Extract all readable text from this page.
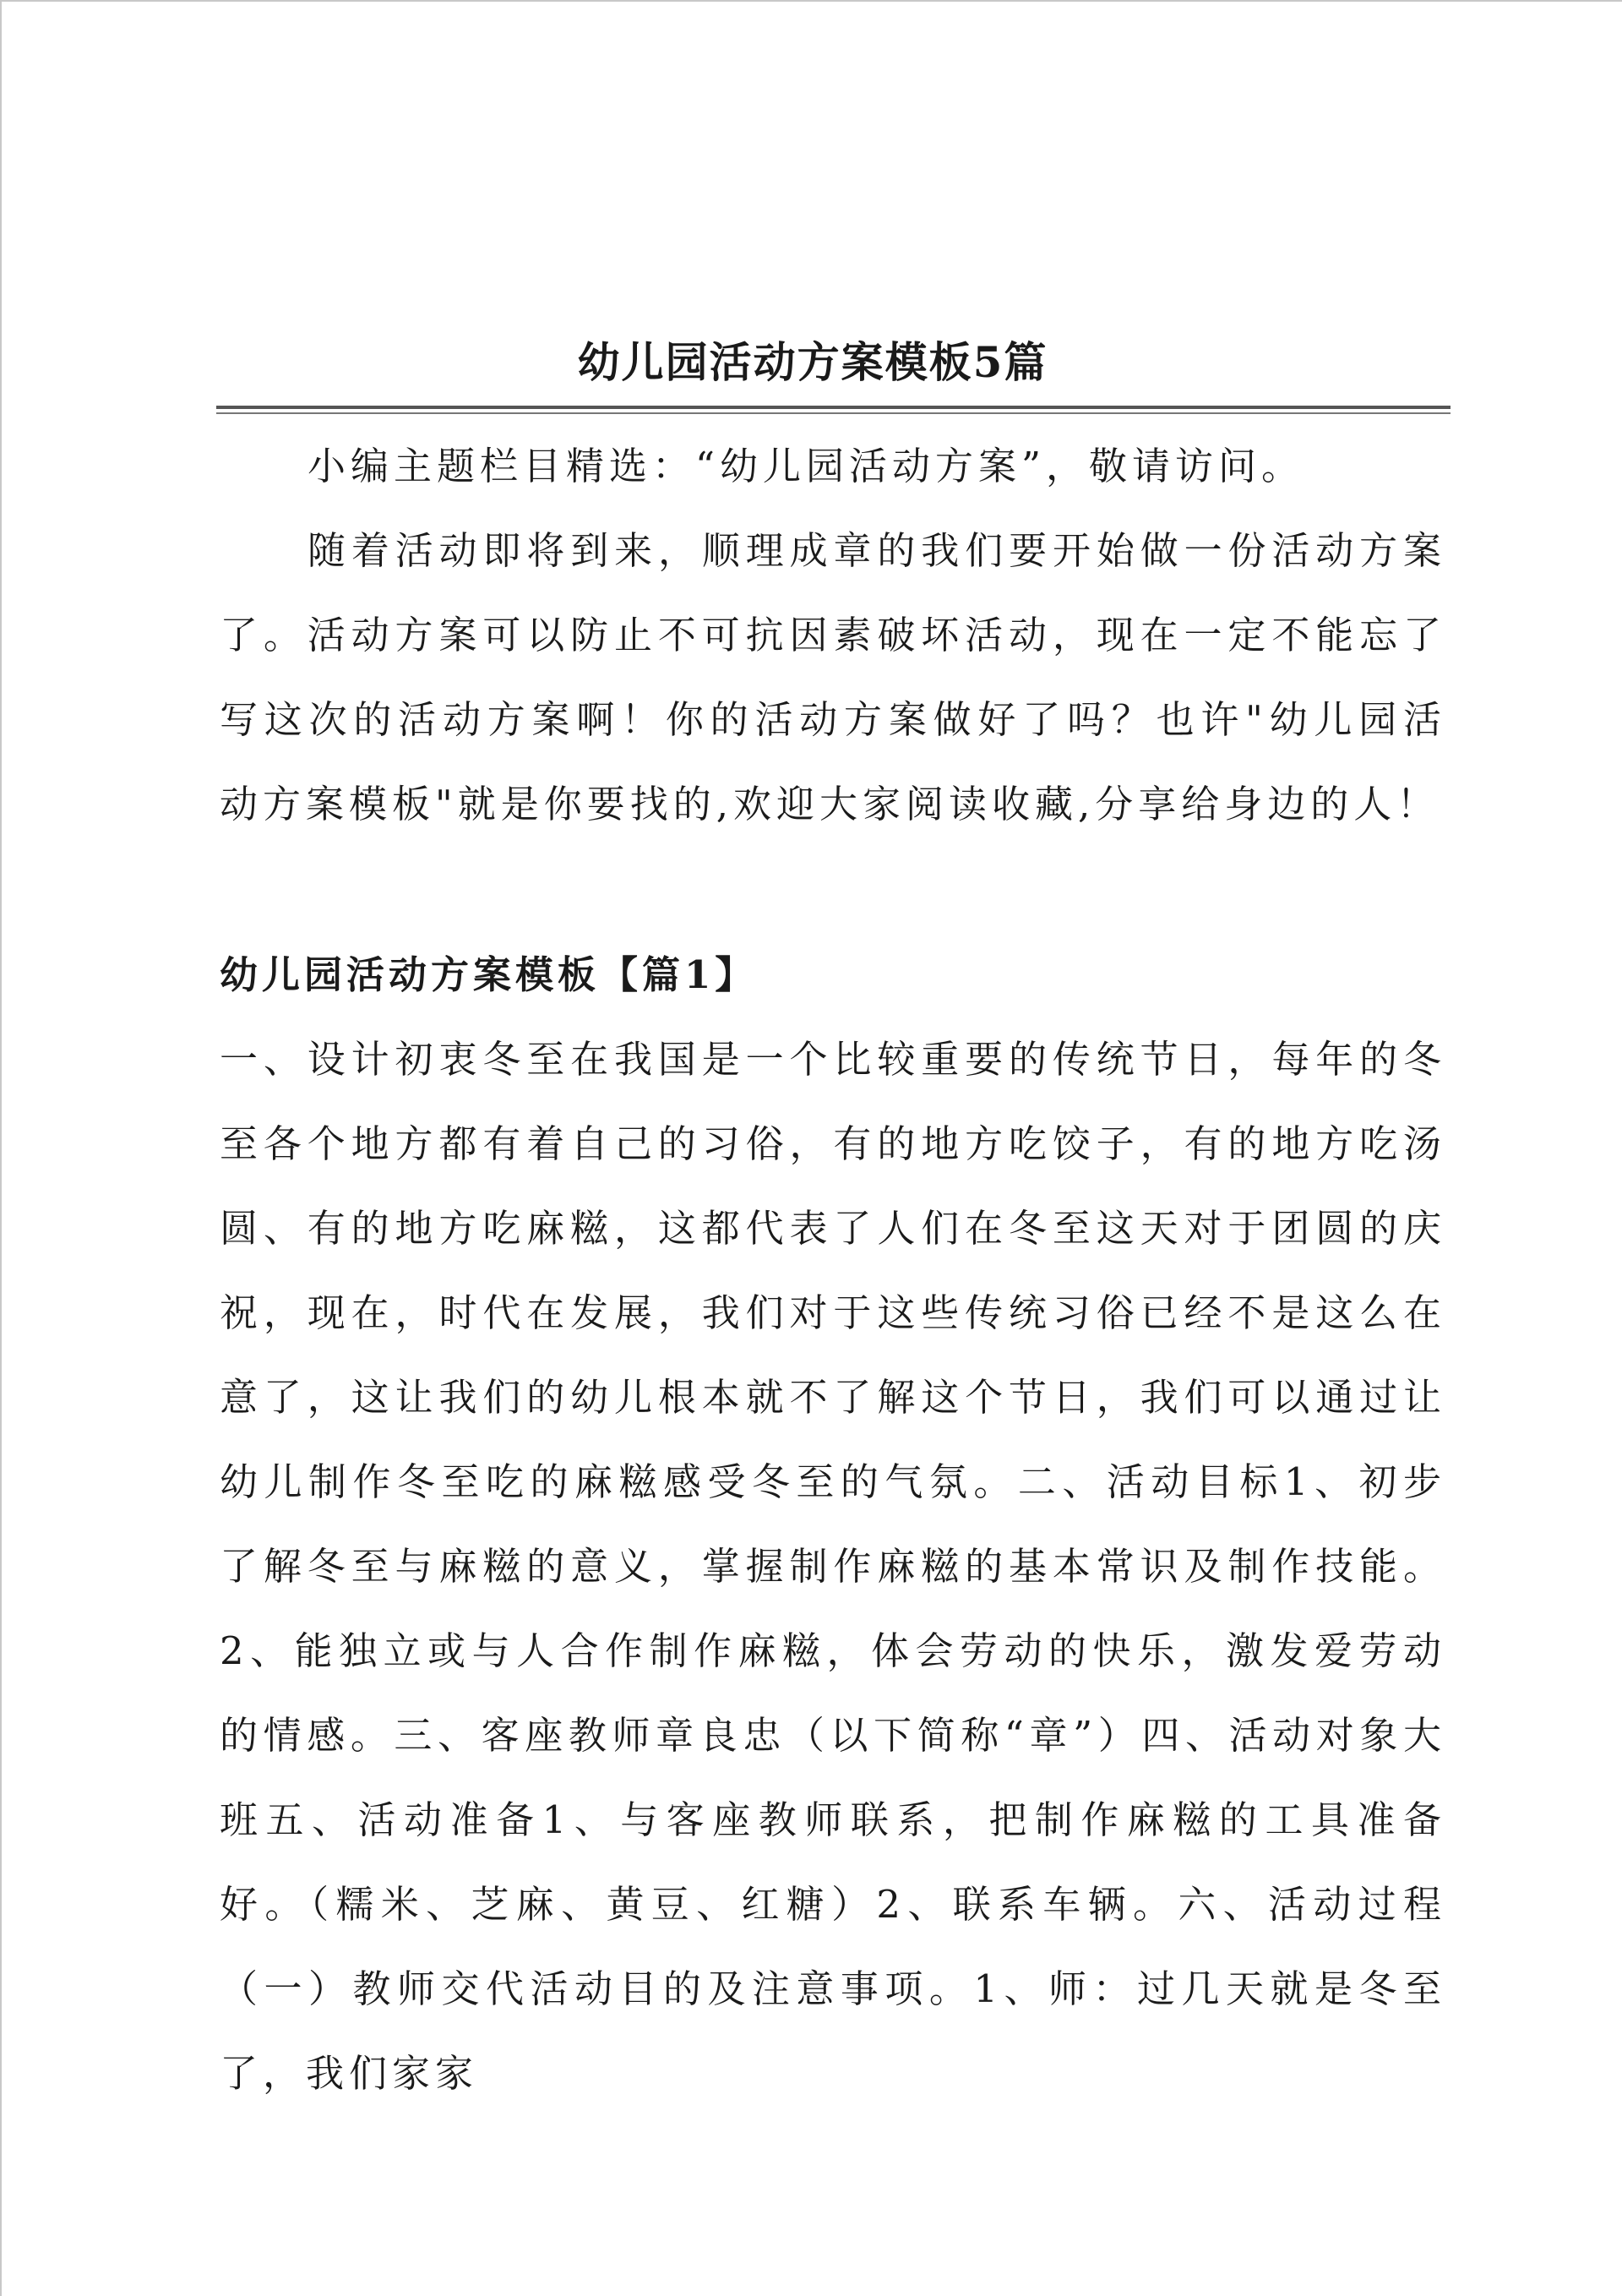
幼儿园活动方案模板5篇

小编主题栏目精选：“幼儿园活动方案”，敬请访问。

随着活动即将到来，顺理成章的我们要开始做一份活动方案了。活动方案可以防止不可抗因素破坏活动，现在一定不能忘了写这次的活动方案啊！你的活动方案做好了吗？也许"幼儿园活动方案模板"就是你要找的,欢迎大家阅读收藏,分享给身边的人！

幼儿园活动方案模板【篇1】

一、设计初衷冬至在我国是一个比较重要的传统节日，每年的冬至各个地方都有着自己的习俗，有的地方吃饺子，有的地方吃汤圆、有的地方吃麻糍，这都代表了人们在冬至这天对于团圆的庆祝，现在，时代在发展，我们对于这些传统习俗已经不是这么在意了，这让我们的幼儿根本就不了解这个节日，我们可以通过让幼儿制作冬至吃的麻糍感受冬至的气氛。二、活动目标1、初步了解冬至与麻糍的意义，掌握制作麻糍的基本常识及制作技能。2、能独立或与人合作制作麻糍，体会劳动的快乐，激发爱劳动的情感。三、客座教师章良忠（以下简称“章”）四、活动对象大班五、活动准备1、与客座教师联系，把制作麻糍的工具准备好。（糯米、芝麻、黄豆、红糖）2、联系车辆。六、活动过程（一）教师交代活动目的及注意事项。1、师：过几天就是冬至了，我们家家
